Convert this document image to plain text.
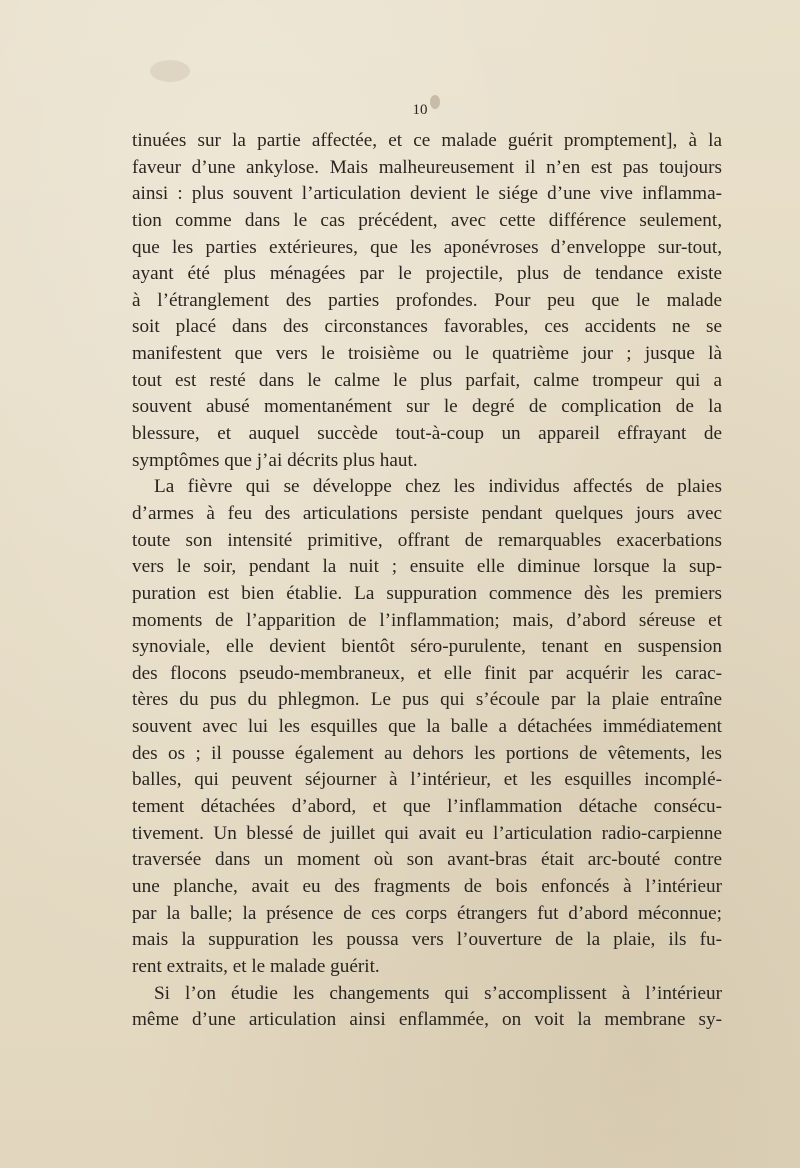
10
tinuées sur la partie affectée, et ce malade guérit promptement], à la
faveur d’une ankylose. Mais malheureusement il n’en est pas toujours
ainsi : plus souvent l’articulation devient le siége d’une vive inflamma-
tion comme dans le cas précédent, avec cette différence seulement,
que les parties extérieures, que les aponévroses d’enveloppe sur-tout,
ayant été plus ménagées par le projectile, plus de tendance existe
à l’étranglement des parties profondes. Pour peu que le malade
soit placé dans des circonstances favorables, ces accidents ne se
manifestent que vers le troisième ou le quatrième jour ; jusque là
tout est resté dans le calme le plus parfait, calme trompeur qui a
souvent abusé momentanément sur le degré de complication de la
blessure, et auquel succède tout-à-coup un appareil effrayant de
symptômes que j’ai décrits plus haut.
La fièvre qui se développe chez les individus affectés de plaies
d’armes à feu des articulations persiste pendant quelques jours avec
toute son intensité primitive, offrant de remarquables exacerbations
vers le soir, pendant la nuit ; ensuite elle diminue lorsque la sup-
puration est bien établie. La suppuration commence dès les premiers
moments de l’apparition de l’inflammation; mais, d’abord séreuse et
synoviale, elle devient bientôt séro-purulente, tenant en suspension
des flocons pseudo-membraneux, et elle finit par acquérir les carac-
tères du pus du phlegmon. Le pus qui s’écoule par la plaie entraîne
souvent avec lui les esquilles que la balle a détachées immédiatement
des os ; il pousse également au dehors les portions de vêtements, les
balles, qui peuvent séjourner à l’intérieur, et les esquilles incomplé-
tement détachées d’abord, et que l’inflammation détache consécu-
tivement. Un blessé de juillet qui avait eu l’articulation radio-carpienne
traversée dans un moment où son avant-bras était arc-bouté contre
une planche, avait eu des fragments de bois enfoncés à l’intérieur
par la balle; la présence de ces corps étrangers fut d’abord méconnue;
mais la suppuration les poussa vers l’ouverture de la plaie, ils fu-
rent extraits, et le malade guérit.
Si l’on étudie les changements qui s’accomplissent à l’intérieur
même d’une articulation ainsi enflammée, on voit la membrane sy-
